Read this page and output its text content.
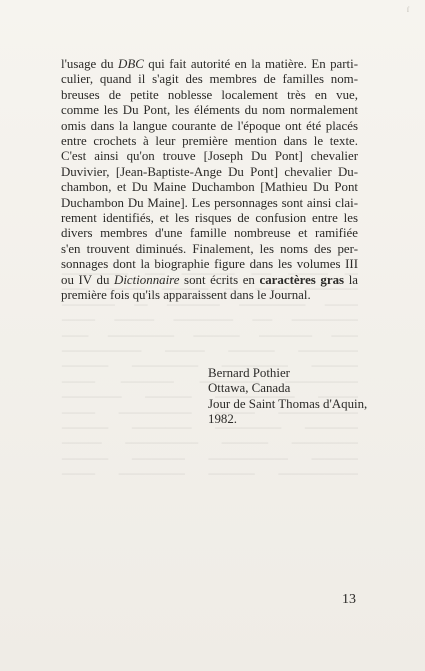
ſ
l'usage du DBC qui fait autorité en la matière. En parti-
culier, quand il s'agit des membres de familles nom-
breuses de petite noblesse localement très en vue,
comme les Du Pont, les éléments du nom normalement
omis dans la langue courante de l'époque ont été placés
entre crochets à leur première mention dans le texte.
C'est ainsi qu'on trouve [Joseph Du Pont] chevalier
Duvivier, [Jean-Baptiste-Ange Du Pont] chevalier Du-
chambon, et Du Maine Duchambon [Mathieu Du Pont
Duchambon Du Maine]. Les personnages sont ainsi clai-
rement identifiés, et les risques de confusion entre les
divers membres d'une famille nombreuse et ramifiée
s'en trouvent diminués. Finalement, les noms des per-
sonnages dont la biographie figure dans les volumes III
ou IV du Dictionnaire sont écrits en caractères gras la
première fois qu'ils apparaissent dans le Journal.
Bernard Pothier
Ottawa, Canada
Jour de Saint Thomas d'Aquin,
1982.
13
